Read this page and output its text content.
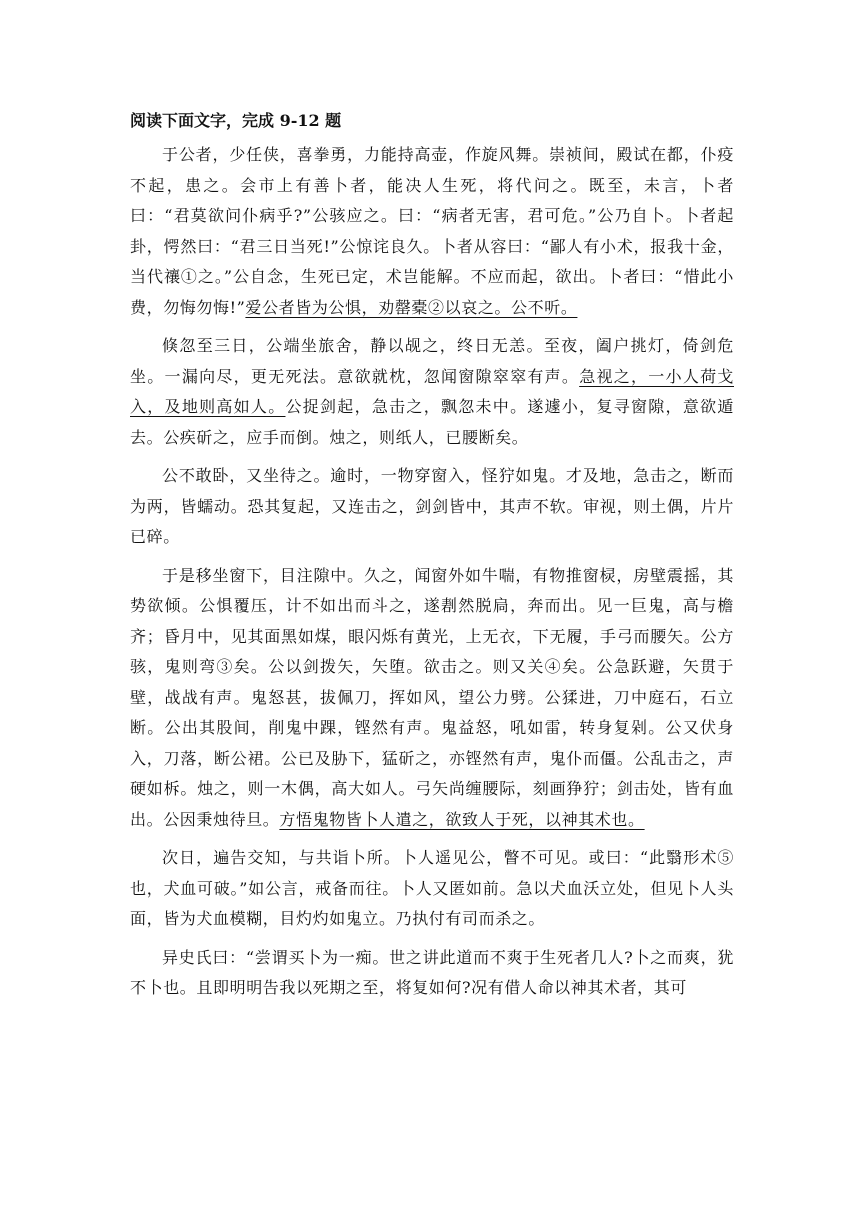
阅读下面文字，完成 9-12 题

于公者，少任侠，喜拳勇，力能持高壶，作旋风舞。崇祯间，殿试在都，仆疫不起，患之。会市上有善卜者，能决人生死，将代问之。既至，未言，卜者曰：“君莫欲问仆病乎?”公骇应之。曰：“病者无害，君可危。”公乃自卜。卜者起卦，愕然曰：“君三日当死!”公惊诧良久。卜者从容曰：“鄙人有小术，报我十金，当代禳①之。”公自念，生死已定，术岂能解。不应而起，欲出。卜者曰：“惜此小费，勿悔勿悔!”爱公者皆为公惧，劝罄橐②以哀之。公不听。

倏忽至三日，公端坐旅舍，静以觇之，终日无恙。至夜，阖户挑灯，倚剑危坐。一漏向尽，更无死法。意欲就枕，忽闻窗隙窣窣有声。急视之，一小人荷戈入，及地则高如人。公捉剑起，急击之，飘忽未中。遂遽小，复寻窗隙，意欲遁去。公疾斫之，应手而倒。烛之，则纸人，已腰断矣。

公不敢卧，又坐待之。逾时，一物穿窗入，怪狞如鬼。才及地，急击之，断而为两，皆蠕动。恐其复起，又连击之，剑剑皆中，其声不软。审视，则土偶，片片已碎。

于是移坐窗下，目注隙中。久之，闻窗外如牛喘，有物推窗棂，房壁震摇，其势欲倾。公惧覆压，计不如出而斗之，遂剨然脱扃，奔而出。见一巨鬼，高与檐齐；昏月中，见其面黑如煤，眼闪烁有黄光，上无衣，下无履，手弓而腰矢。公方骇，鬼则弯③矣。公以剑拨矢，矢堕。欲击之。则又关④矣。公急跃避，矢贯于壁，战战有声。鬼怒甚，拔佩刀，挥如风，望公力劈。公猱进，刀中庭石，石立断。公出其股间，削鬼中踝，铿然有声。鬼益怒，吼如雷，转身复剁。公又伏身入，刀落，断公裙。公已及胁下，猛斫之，亦铿然有声，鬼仆而僵。公乱击之，声硬如柝。烛之，则一木偶，高大如人。弓矢尚缠腰际，刻画狰狞；剑击处，皆有血出。公因秉烛待旦。方悟鬼物皆卜人遣之，欲致人于死，以神其术也。

次日，遍告交知，与共诣卜所。卜人遥见公，瞥不可见。或曰：“此翳形术⑤也，犬血可破。”如公言，戒备而往。卜人又匿如前。急以犬血沃立处，但见卜人头面，皆为犬血模糊，目灼灼如鬼立。乃执付有司而杀之。

异史氏曰：“尝谓买卜为一痴。世之讲此道而不爽于生死者几人?卜之而爽，犹不卜也。且即明明告我以死期之至，将复如何?况有借人命以神其术者，其可
